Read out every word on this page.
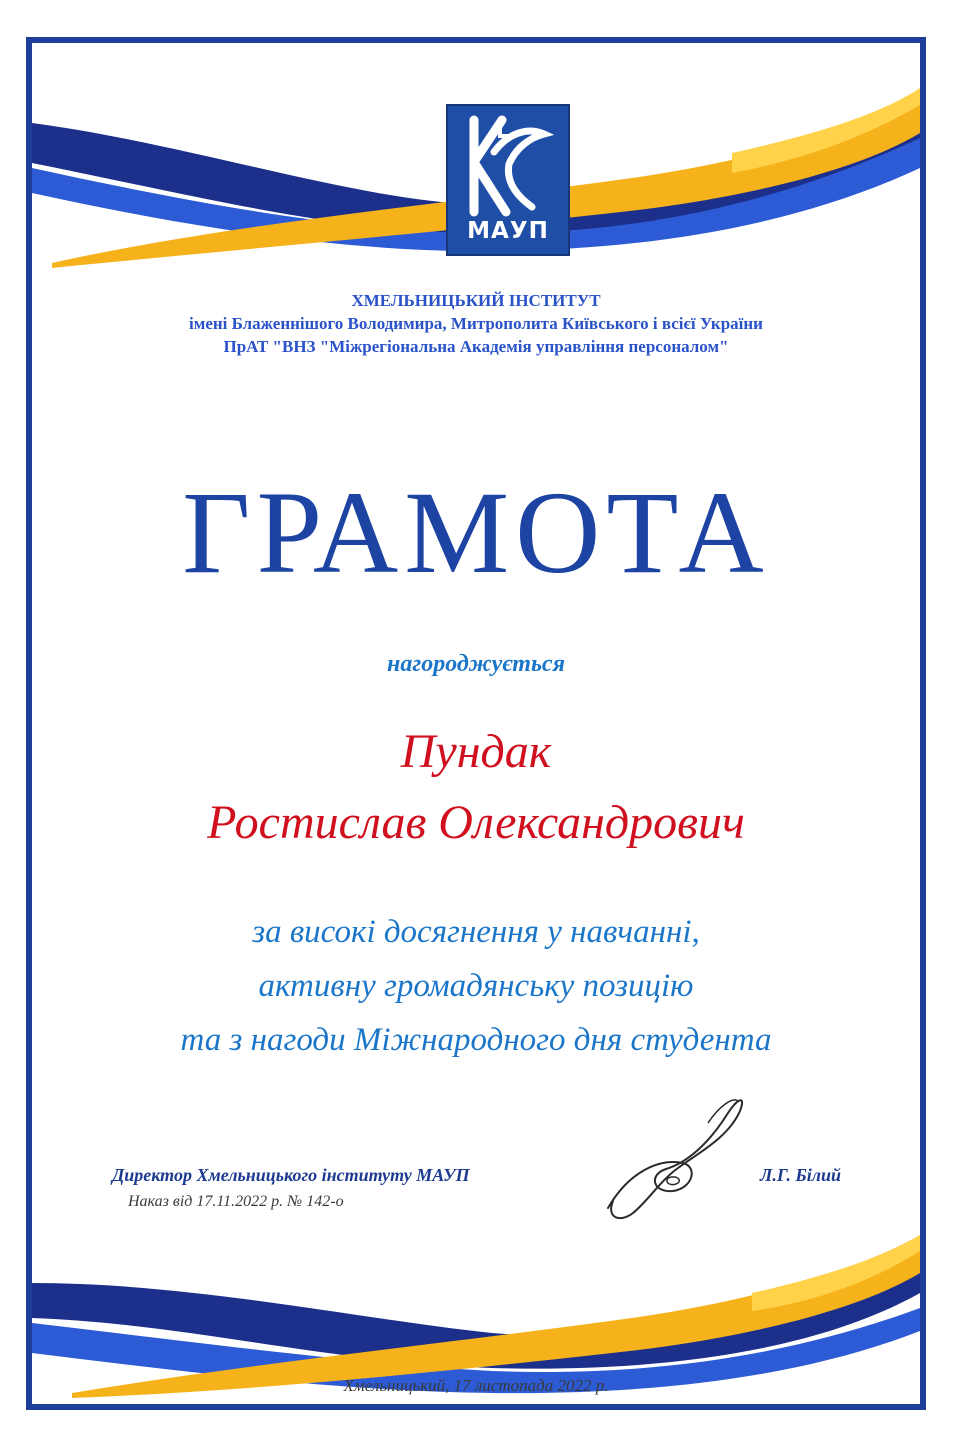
МАУП
ХМЕЛЬНИЦЬКИЙ ІНСТИТУТ
імені Блаженнішого Володимира, Митрополита Київського і всієї України
ПрАТ "ВНЗ "Міжрегіональна Академія управління персоналом"
ГРАМОТА
нагороджується
Пундак
Ростислав Олександрович
за високі досягнення у навчанні,
активну громадянську позицію
та з нагоди Міжнародного дня студента
Директор Хмельницького інституту МАУП
Наказ від 17.11.2022 р. № 142-о
Л.Г. Білий
Хмельницький, 17 листопада 2022 р.
